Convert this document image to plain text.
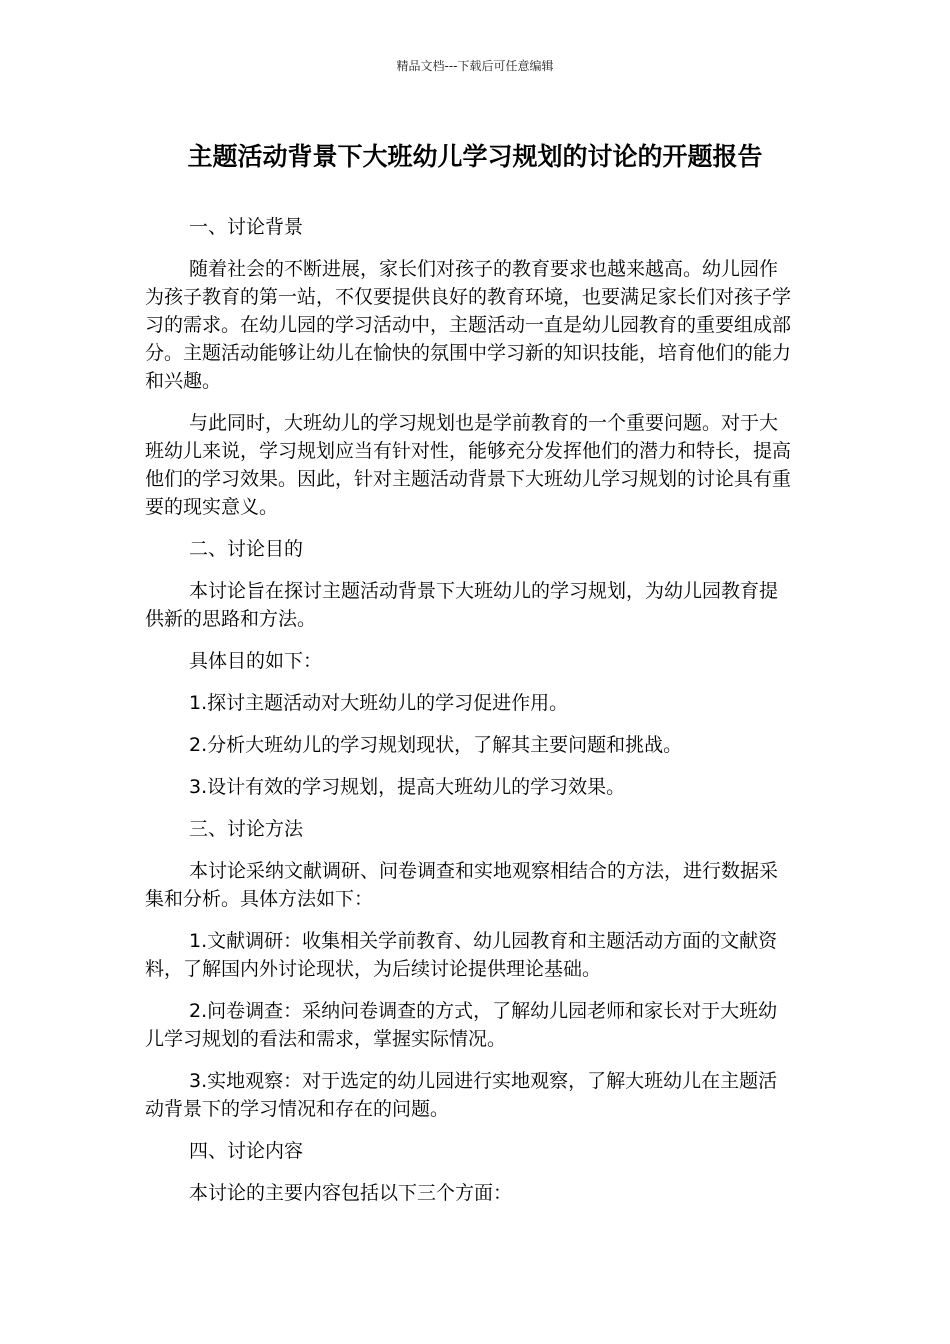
精品文档---下载后可任意编辑
主题活动背景下大班幼儿学习规划的讨论的开题报告

一、讨论背景

随着社会的不断进展，家长们对孩子的教育要求也越来越高。幼儿园作为孩子教育的第一站，不仅要提供良好的教育环境，也要满足家长们对孩子学习的需求。在幼儿园的学习活动中，主题活动一直是幼儿园教育的重要组成部分。主题活动能够让幼儿在愉快的氛围中学习新的知识技能，培育他们的能力和兴趣。

与此同时，大班幼儿的学习规划也是学前教育的一个重要问题。对于大班幼儿来说，学习规划应当有针对性，能够充分发挥他们的潜力和特长，提高他们的学习效果。因此，针对主题活动背景下大班幼儿学习规划的讨论具有重要的现实意义。

二、讨论目的

本讨论旨在探讨主题活动背景下大班幼儿的学习规划，为幼儿园教育提供新的思路和方法。

具体目的如下：

1.探讨主题活动对大班幼儿的学习促进作用。

2.分析大班幼儿的学习规划现状，了解其主要问题和挑战。

3.设计有效的学习规划，提高大班幼儿的学习效果。

三、讨论方法

本讨论采纳文献调研、问卷调查和实地观察相结合的方法，进行数据采集和分析。具体方法如下：

1.文献调研：收集相关学前教育、幼儿园教育和主题活动方面的文献资料，了解国内外讨论现状，为后续讨论提供理论基础。

2.问卷调查：采纳问卷调查的方式，了解幼儿园老师和家长对于大班幼儿学习规划的看法和需求，掌握实际情况。

3.实地观察：对于选定的幼儿园进行实地观察，了解大班幼儿在主题活动背景下的学习情况和存在的问题。

四、讨论内容

本讨论的主要内容包括以下三个方面：
